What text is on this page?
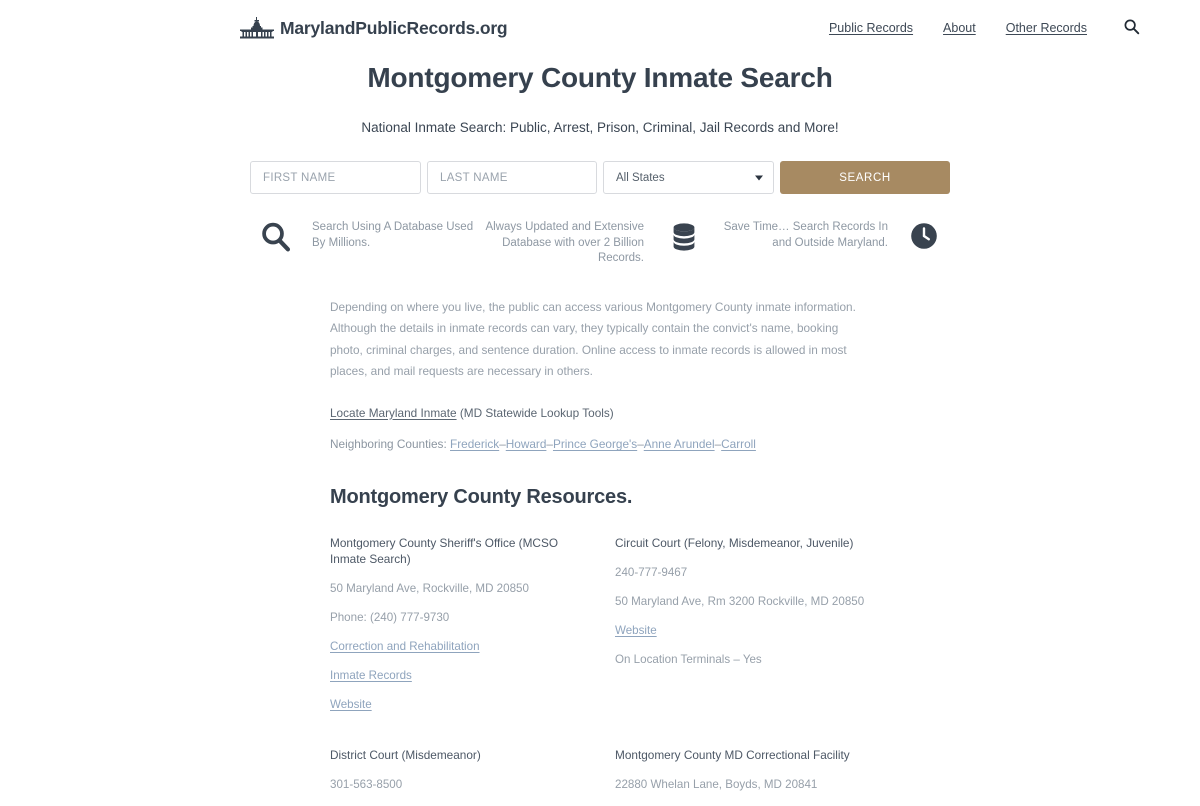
MarylandPublicRecords.org	Public Records About Other Records
Montgomery County Inmate Search

National Inmate Search: Public, Arrest, Prison, Criminal, Jail Records and More!

FIRST NAME
LAST NAME
All States
SEARCH
Search Using A Database Used By Millions.
Always Updated and Extensive Database with over 2 Billion Records.
Save Time… Search Records In and Outside Maryland.

Depending on where you live, the public can access various Montgomery County inmate information. Although the details in inmate records can vary, they typically contain the convict's name, booking photo, criminal charges, and sentence duration. Online access to inmate records is allowed in most places, and mail requests are necessary in others.

Locate Maryland Inmate (MD Statewide Lookup Tools)

Neighboring Counties: Frederick–Howard–Prince George's–Anne Arundel–Carroll

Montgomery County Resources.
Montgomery County Sheriff's Office (MCSO Inmate Search)
50 Maryland Ave, Rockville, MD 20850
Phone: (240) 777-9730
Correction and Rehabilitation
Inmate Records
Website
Circuit Court (Felony, Misdemeanor, Juvenile)
240-777-9467
50 Maryland Ave, Rm 3200 Rockville, MD 20850
Website
On Location Terminals – Yes
District Court (Misdemeanor)
301-563-8500
Montgomery County MD Correctional Facility
22880 Whelan Lane, Boyds, MD 20841
